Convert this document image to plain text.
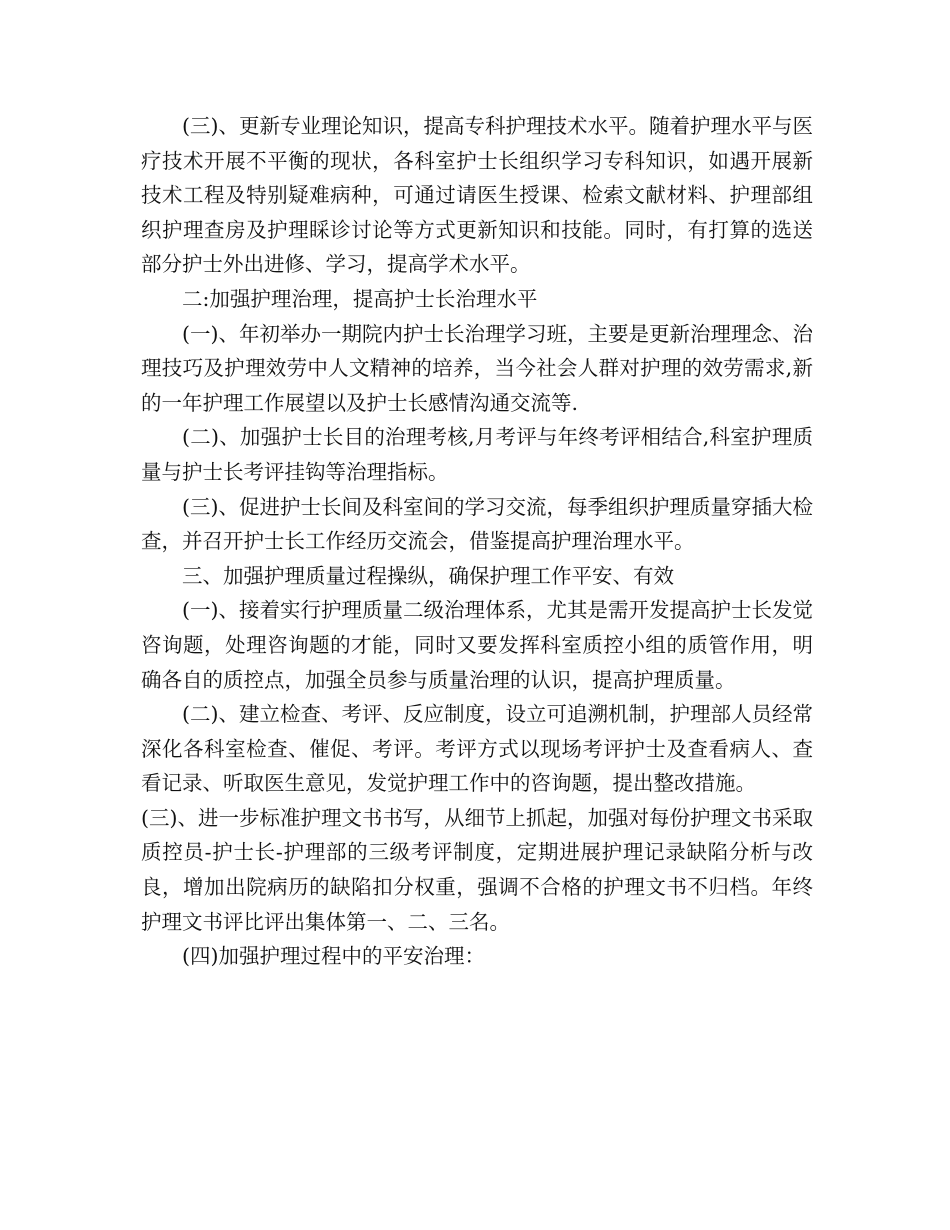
(三)、更新专业理论知识，提高专科护理技术水平。随着护理水平与医疗技术开展不平衡的现状，各科室护士长组织学习专科知识，如遇开展新技术工程及特别疑难病种，可通过请医生授课、检索文献材料、护理部组织护理查房及护理睬诊讨论等方式更新知识和技能。同时，有打算的选送部分护士外出进修、学习，提高学术水平。

二:加强护理治理，提高护士长治理水平

(一)、年初举办一期院内护士长治理学习班，主要是更新治理理念、治理技巧及护理效劳中人文精神的培养，当今社会人群对护理的效劳需求,新的一年护理工作展望以及护士长感情沟通交流等.

(二)、加强护士长目的治理考核,月考评与年终考评相结合,科室护理质量与护士长考评挂钩等治理指标。

(三)、促进护士长间及科室间的学习交流，每季组织护理质量穿插大检查，并召开护士长工作经历交流会，借鉴提高护理治理水平。

三、加强护理质量过程操纵，确保护理工作平安、有效

(一)、接着实行护理质量二级治理体系，尤其是需开发提高护士长发觉咨询题，处理咨询题的才能，同时又要发挥科室质控小组的质管作用，明确各自的质控点，加强全员参与质量治理的认识，提高护理质量。

(二)、建立检查、考评、反应制度，设立可追溯机制，护理部人员经常深化各科室检查、催促、考评。考评方式以现场考评护士及查看病人、查看记录、听取医生意见，发觉护理工作中的咨询题，提出整改措施。

(三)、进一步标准护理文书书写，从细节上抓起，加强对每份护理文书采取质控员-护士长-护理部的三级考评制度，定期进展护理记录缺陷分析与改良，增加出院病历的缺陷扣分权重，强调不合格的护理文书不归档。年终护理文书评比评出集体第一、二、三名。

(四)加强护理过程中的平安治理：
